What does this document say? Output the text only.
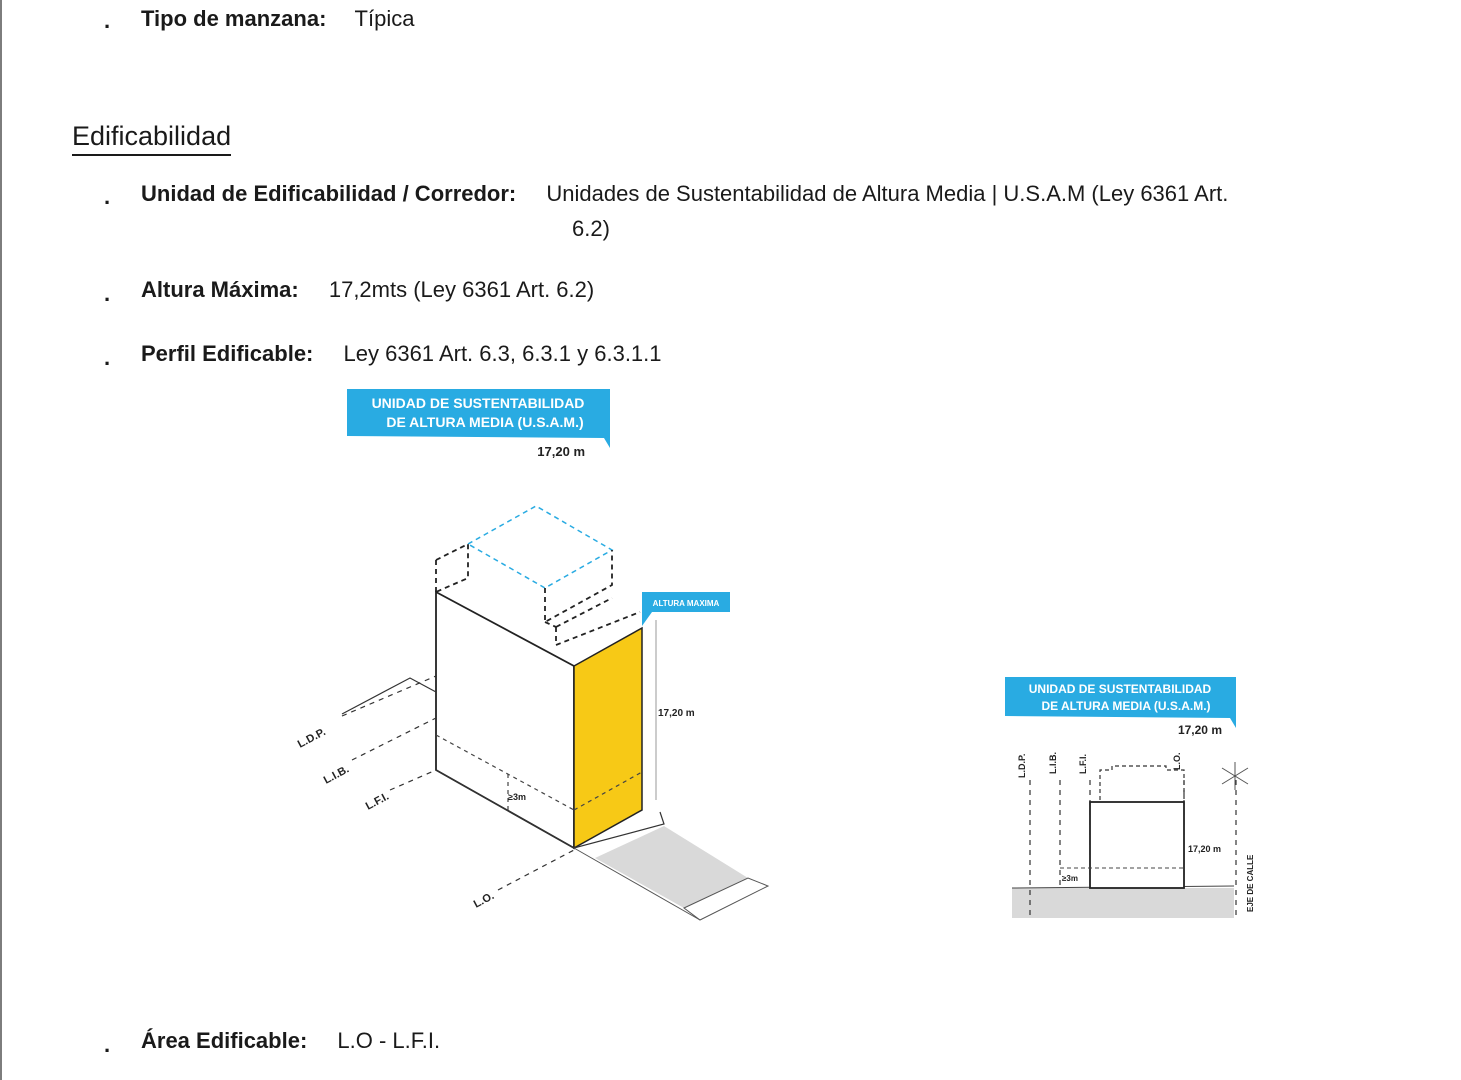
. Tipo de manzana: Típica
Edificabilidad
. Unidad de Edificabilidad / Corredor: Unidades de Sustentabilidad de Altura Media | U.S.A.M (Ley 6361 Art.
6.2)
. Altura Máxima: 17,2mts (Ley 6361 Art. 6.2)
. Perfil Edificable: Ley 6361 Art. 6.3, 6.3.1 y 6.3.1.1
UNIDAD DE SUSTENTABILIDAD
DE ALTURA MEDIA (U.S.A.M.)
17,20 m
L.D.P.
L.I.B.
L.F.I.
L.O.
ALTURA MAXIMA
17,20 m
≥3m
UNIDAD DE SUSTENTABILIDAD
DE ALTURA MEDIA (U.S.A.M.)
17,20 m
L.D.P. L.I.B. L.F.I.	L.O.
EJE DE CALLE
17,20 m
≥3m
. Área Edificable: L.O - L.F.I.
